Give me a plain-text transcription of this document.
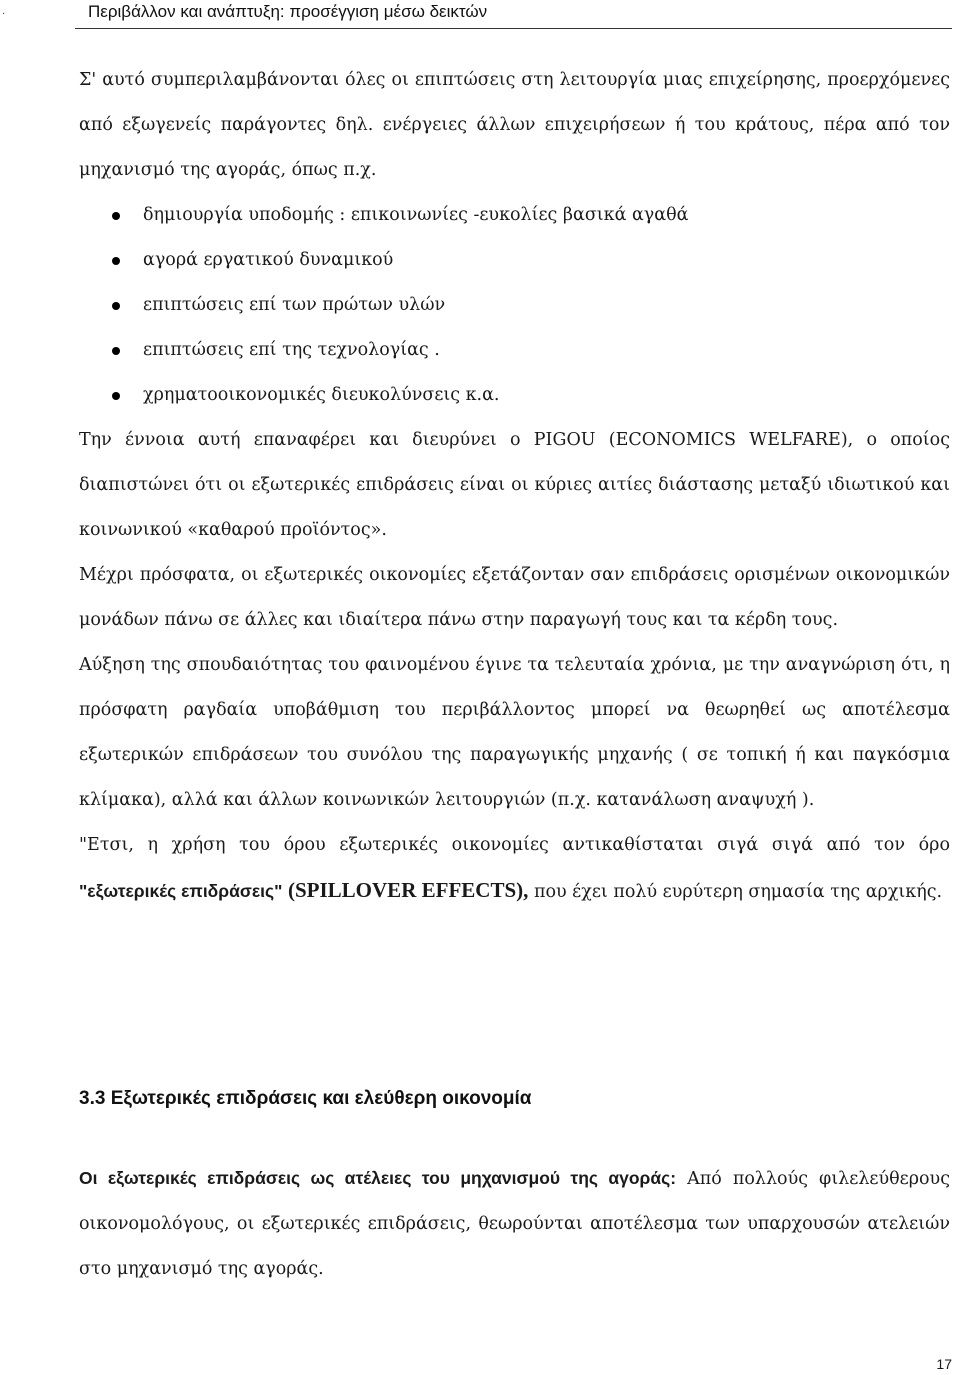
.	Περιβάλλον και ανάπτυξη: προσέγγιση μέσω δεικτών

Σ' αυτό συμπεριλαμβάνονται όλες οι επιπτώσεις στη λειτουργία μιας επιχείρησης, προερχόμενες από εξωγενείς παράγοντες δηλ. ενέργειες άλλων επιχειρήσεων ή του κράτους, πέρα από τον μηχανισμό της αγοράς, όπως π.χ.

δημιουργία υποδομής : επικοινωνίες -ευκολίες βασικά αγαθά
αγορά εργατικού δυναμικού
επιπτώσεις επί των πρώτων υλών
επιπτώσεις επί της τεχνολογίας .
χρηματοοικονομικές διευκολύνσεις κ.α.

Την έννοια αυτή επαναφέρει και διευρύνει ο PIGOU (ECONOMICS WELFARE), ο οποίος διαπιστώνει ότι οι εξωτερικές επιδράσεις είναι οι κύριες αιτίες διάστασης μεταξύ ιδιωτικού και κοινωνικού «καθαρού προϊόντος».

Μέχρι πρόσφατα, οι εξωτερικές οικονομίες εξετάζονταν σαν επιδράσεις ορισμένων οικονομικών μονάδων πάνω σε άλλες και ιδιαίτερα πάνω στην παραγωγή τους και τα κέρδη τους.

Αύξηση της σπουδαιότητας του φαινομένου έγινε τα τελευταία χρόνια, με την αναγνώριση ότι, η πρόσφατη ραγδαία υποβάθμιση του περιβάλλοντος μπορεί να θεωρηθεί ως αποτέλεσμα εξωτερικών επιδράσεων του συνόλου της παραγωγικής μηχανής ( σε τοπική ή και παγκόσμια κλίμακα), αλλά και άλλων κοινωνικών λειτουργιών (π.χ. κατανάλωση αναψυχή ).

"Ετσι, η χρήση του όρου εξωτερικές οικονομίες αντικαθίσταται σιγά σιγά από τον όρο "εξωτερικές επιδράσεις" (SPILLOVER EFFECTS), που έχει πολύ ευρύτερη σημασία της αρχικής.

3.3 Εξωτερικές επιδράσεις και ελεύθερη οικονομία

Οι εξωτερικές επιδράσεις ως ατέλειες του μηχανισμού της αγοράς: Από πολλούς φιλελεύθερους οικονομολόγους, οι εξωτερικές επιδράσεις, θεωρούνται αποτέλεσμα των υπαρχουσών ατελειών στο μηχανισμό της αγοράς.

17
